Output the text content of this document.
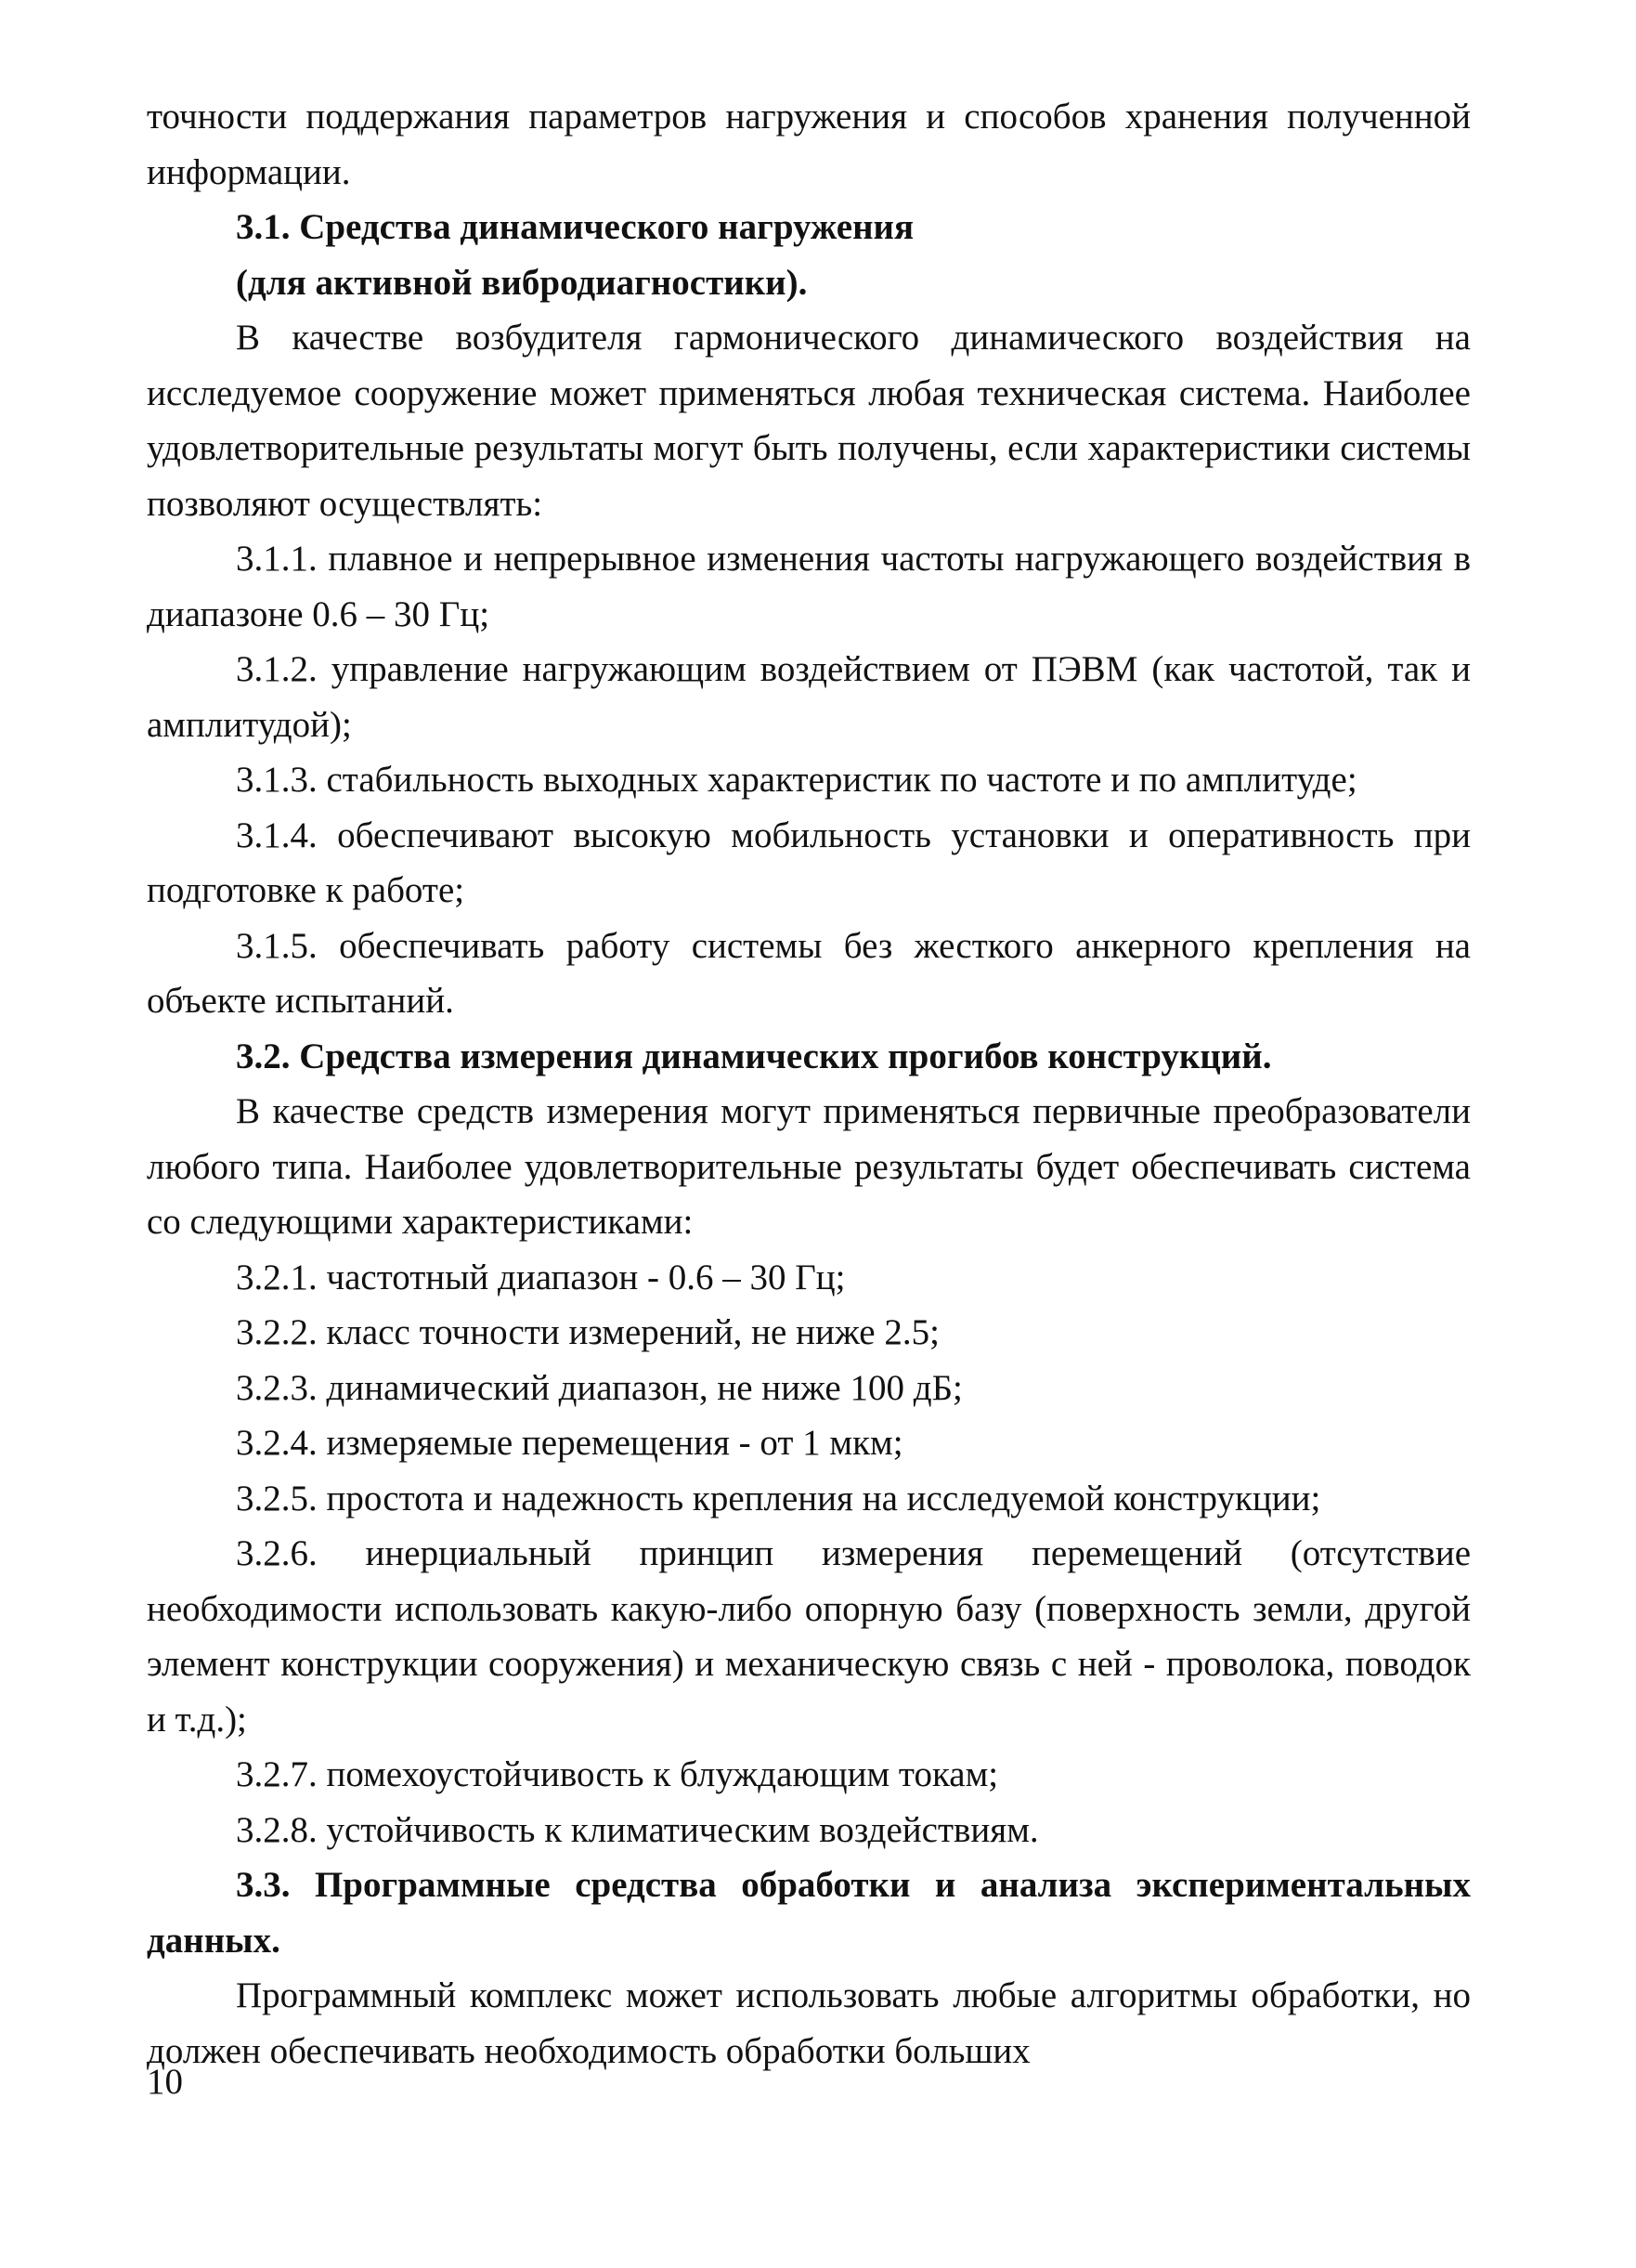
точности поддержания параметров нагружения и способов хранения полученной информации.

3.1. Средства динамического нагружения

(для активной вибродиагностики).

В качестве возбудителя гармонического динамического воздействия на исследуемое сооружение может применяться любая техническая система. Наиболее удовлетворительные результаты могут быть получены, если характеристики системы позволяют осуществлять:

3.1.1. плавное и непрерывное изменения частоты нагружающего воздействия в диапазоне 0.6 – 30 Гц;

3.1.2. управление нагружающим воздействием от ПЭВМ (как частотой, так и амплитудой);

3.1.3. стабильность выходных характеристик по частоте и по амплитуде;

3.1.4. обеспечивают высокую мобильность установки и оперативность при подготовке к работе;

3.1.5. обеспечивать работу системы без жесткого анкерного крепления на объекте испытаний.

3.2. Средства измерения динамических прогибов конструкций.

В качестве средств измерения могут применяться первичные преобразователи любого типа. Наиболее удовлетворительные результаты будет обеспечивать система со следующими характеристиками:

3.2.1. частотный диапазон - 0.6 – 30 Гц;

3.2.2. класс точности измерений, не ниже 2.5;

3.2.3. динамический диапазон, не ниже 100 дБ;

3.2.4. измеряемые перемещения - от 1 мкм;

3.2.5. простота и надежность крепления на исследуемой конструкции;

3.2.6. инерциальный принцип измерения перемещений (отсутствие необходимости использовать какую-либо опорную базу (поверхность земли, другой элемент конструкции сооружения) и механическую связь с ней - проволока, поводок и т.д.);

3.2.7. помехоустойчивость к блуждающим токам;

3.2.8. устойчивость к климатическим воздействиям.

3.3. Программные средства обработки и анализа экспериментальных данных.

Программный комплекс может использовать любые алгоритмы обработки, но должен обеспечивать необходимость обработки больших

10
